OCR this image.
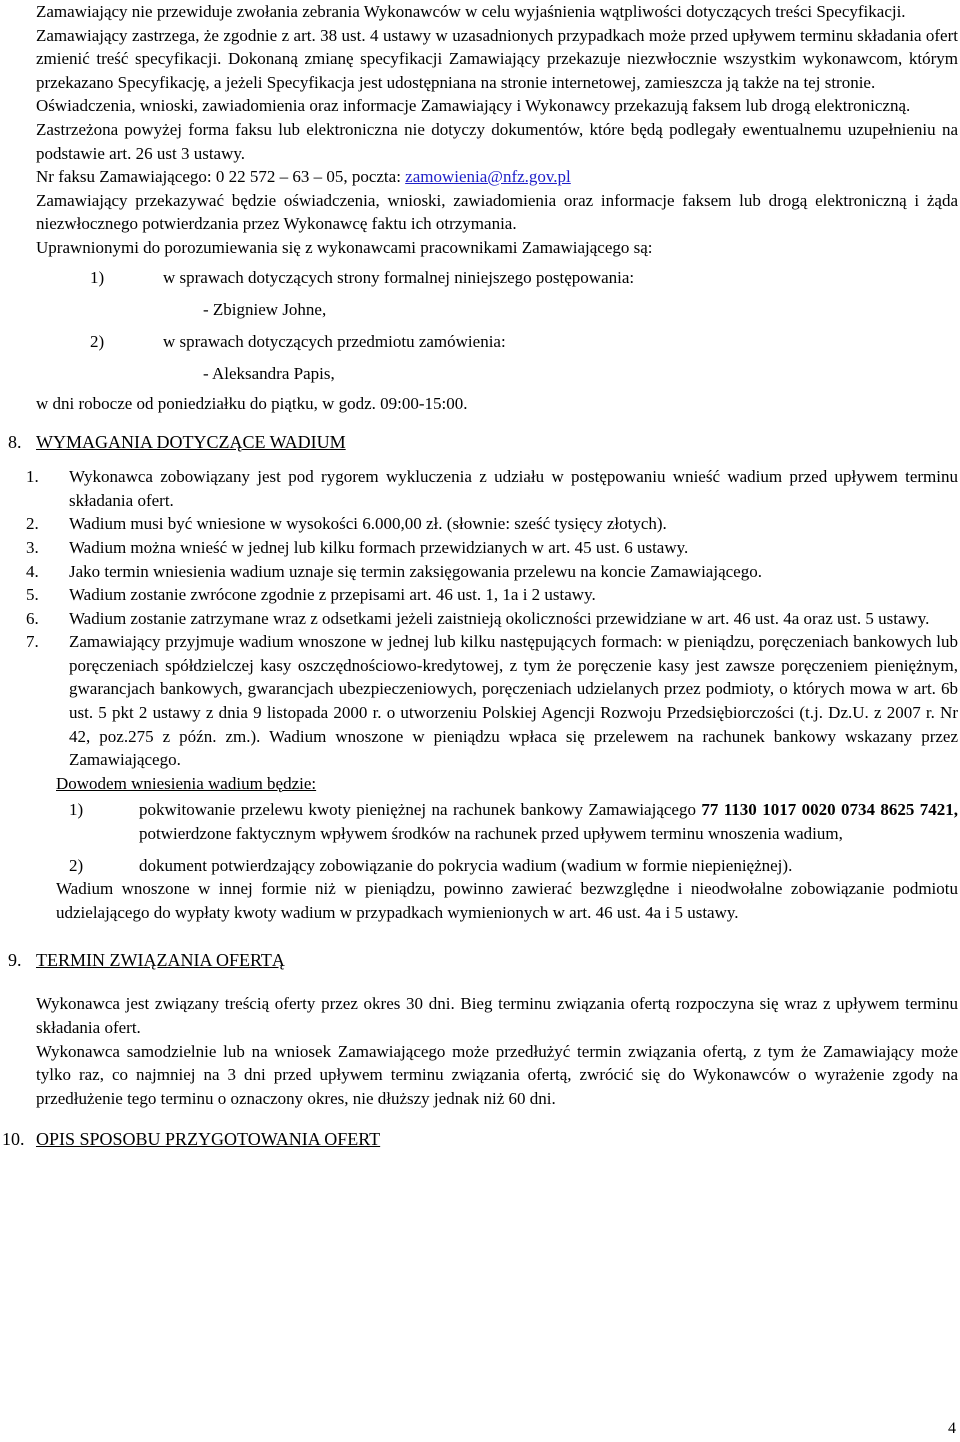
Zamawiający nie przewiduje zwołania zebrania Wykonawców w celu wyjaśnienia wątpliwości dotyczących treści Specyfikacji.

Zamawiający zastrzega, że zgodnie z art. 38 ust. 4 ustawy w uzasadnionych przypadkach może przed upływem terminu składania ofert zmienić treść specyfikacji. Dokonaną zmianę specyfikacji Zamawiający przekazuje niezwłocznie wszystkim wykonawcom, którym przekazano Specyfikację, a jeżeli Specyfikacja jest udostępniana na stronie internetowej, zamieszcza ją także na tej stronie.

Oświadczenia, wnioski, zawiadomienia oraz informacje Zamawiający i Wykonawcy przekazują faksem lub drogą elektroniczną.

Zastrzeżona powyżej forma faksu lub elektroniczna nie dotyczy dokumentów, które będą podlegały ewentualnemu uzupełnieniu na podstawie art. 26 ust 3 ustawy.

Nr faksu Zamawiającego: 0 22 572 – 63 – 05, poczta: zamowienia@nfz.gov.pl

Zamawiający przekazywać będzie oświadczenia, wnioski, zawiadomienia oraz informacje faksem lub drogą elektroniczną i żąda niezwłocznego potwierdzania przez Wykonawcę faktu ich otrzymania.

Uprawnionymi do porozumiewania się z wykonawcami pracownikami Zamawiającego są:

1)	w sprawach dotyczących strony formalnej niniejszego postępowania:

- Zbigniew Johne,

2)	w sprawach dotyczących przedmiotu zamówienia:

- Aleksandra Papis,

w dni robocze od poniedziałku do piątku, w godz. 09:00-15:00.

8. WYMAGANIA DOTYCZĄCE WADIUM
1. Wykonawca zobowiązany jest pod rygorem wykluczenia z udziału w postępowaniu wnieść wadium przed upływem terminu składania ofert.
2. Wadium musi być wniesione w wysokości 6.000,00 zł. (słownie: sześć tysięcy złotych).
3. Wadium można wnieść w jednej lub kilku formach przewidzianych w art. 45 ust. 6 ustawy.
4. Jako termin wniesienia wadium uznaje się termin zaksięgowania przelewu na koncie Zamawiającego.
5. Wadium zostanie zwrócone zgodnie z przepisami art. 46 ust. 1, 1a i 2 ustawy.
6. Wadium zostanie zatrzymane wraz z odsetkami jeżeli zaistnieją okoliczności przewidziane w art. 46 ust. 4a oraz ust. 5 ustawy.
7. Zamawiający przyjmuje wadium wnoszone w jednej lub kilku następujących formach: w pieniądzu, poręczeniach bankowych lub poręczeniach spółdzielczej kasy oszczędnościowo-kredytowej, z tym że poręczenie kasy jest zawsze poręczeniem pieniężnym, gwarancjach bankowych, gwarancjach ubezpieczeniowych, poręczeniach udzielanych przez podmioty, o których mowa w art. 6b ust. 5 pkt 2 ustawy z dnia 9 listopada 2000 r. o utworzeniu Polskiej Agencji Rozwoju Przedsiębiorczości (t.j. Dz.U. z 2007 r. Nr 42, poz.275 z późn. zm.). Wadium wnoszone w pieniądzu wpłaca się przelewem na rachunek bankowy wskazany przez Zamawiającego.

Dowodem wniesienia wadium będzie:

1)	pokwitowanie przelewu kwoty pieniężnej na rachunek bankowy Zamawiającego 77 1130 1017 0020 0734 8625 7421, potwierdzone faktycznym wpływem środków na rachunek przed upływem terminu wnoszenia wadium,
2)	dokument potwierdzający zobowiązanie do pokrycia wadium (wadium w formie niepieniężnej).

Wadium wnoszone w innej formie niż w pieniądzu, powinno zawierać bezwzględne i nieodwołalne zobowiązanie podmiotu udzielającego do wypłaty kwoty wadium w przypadkach wymienionych w art. 46 ust. 4a i 5 ustawy.

9. TERMIN ZWIĄZANIA OFERTĄ

Wykonawca jest związany treścią oferty przez okres 30 dni. Bieg terminu związania ofertą rozpoczyna się wraz z upływem terminu składania ofert.

Wykonawca samodzielnie lub na wniosek Zamawiającego może przedłużyć termin związania ofertą, z tym że Zamawiający może tylko raz, co najmniej na 3 dni przed upływem terminu związania ofertą, zwrócić się do Wykonawców o wyrażenie zgody na przedłużenie tego terminu o oznaczony okres, nie dłuższy jednak niż 60 dni.

10. OPIS SPOSOBU PRZYGOTOWANIA OFERT
4
